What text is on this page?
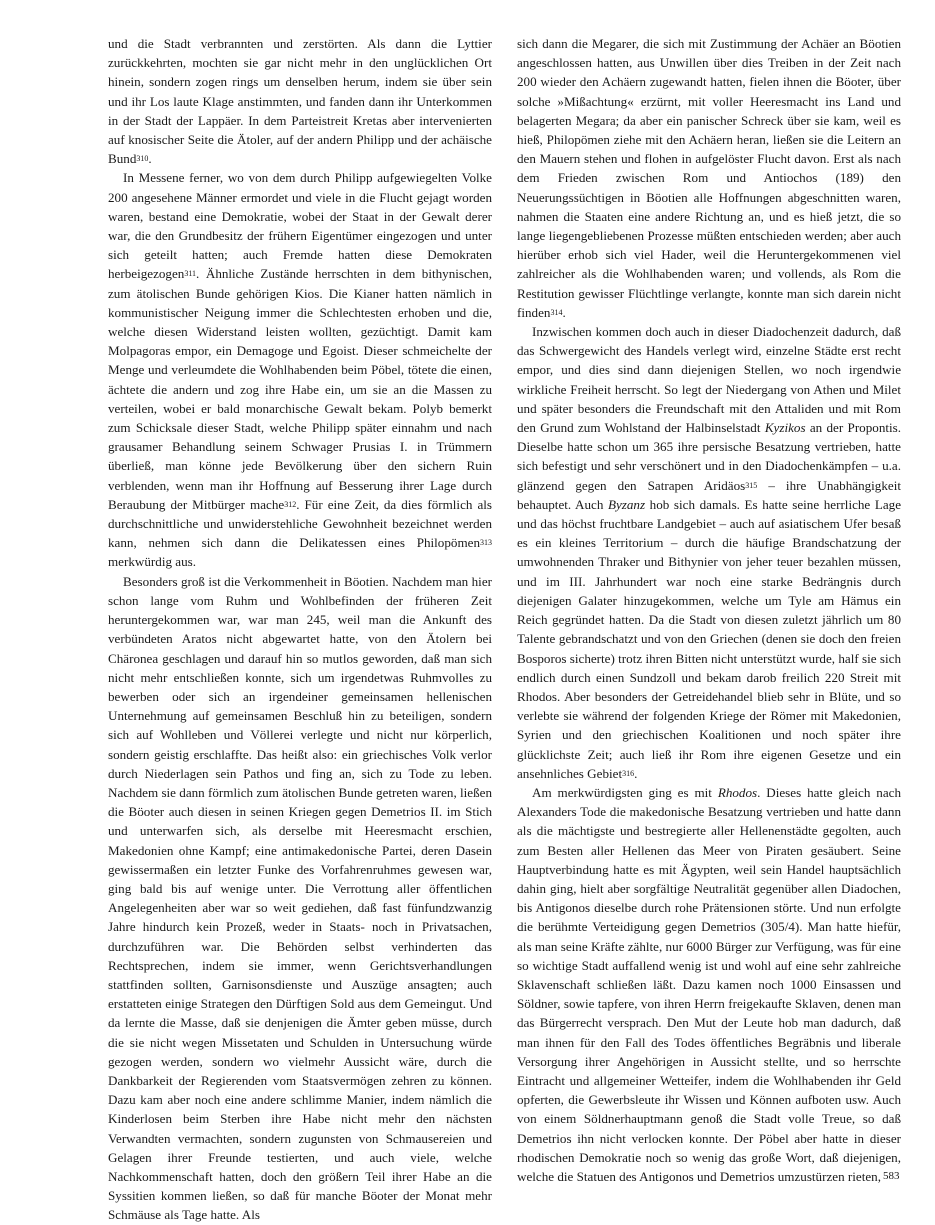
und die Stadt verbrannten und zerstörten. Als dann die Lyttier zurückkehrten, mochten sie gar nicht mehr in den unglücklichen Ort hinein, sondern zogen rings um denselben herum, indem sie über sein und ihr Los laute Klage anstimmten, und fanden dann ihr Unterkommen in der Stadt der Lappäer. In dem Parteistreit Kretas aber intervenierten auf knosischer Seite die Ätoler, auf der andern Philipp und der achäische Bund$^{310}$.

In Messene ferner, wo von dem durch Philipp aufgewiegelten Volke 200 angesehene Männer ermordet und viele in die Flucht gejagt worden waren, bestand eine Demokratie, wobei der Staat in der Gewalt derer war, die den Grundbesitz der frühern Eigentümer eingezogen und unter sich geteilt hatten; auch Fremde hatten diese Demokraten herbeigezogen$^{311}$. Ähnliche Zustände herrschten in dem bithynischen, zum ätolischen Bunde gehörigen Kios. Die Kianer hatten nämlich in kommunistischer Neigung immer die Schlechtesten erhoben und die, welche diesen Widerstand leisten wollten, gezüchtigt. Damit kam Molpagoras empor, ein Demagoge und Egoist. Dieser schmeichelte der Menge und verleumdete die Wohlhabenden beim Pöbel, tötete die einen, ächtete die andern und zog ihre Habe ein, um sie an die Massen zu verteilen, wobei er bald monarchische Gewalt bekam. Polyb bemerkt zum Schicksale dieser Stadt, welche Philipp später einnahm und nach grausamer Behandlung seinem Schwager Prusias I. in Trümmern überließ, man könne jede Bevölkerung über den sichern Ruin verblenden, wenn man ihr Hoffnung auf Besserung ihrer Lage durch Beraubung der Mitbürger mache$^{312}$. Für eine Zeit, da dies förmlich als durchschnittliche und unwiderstehliche Gewohnheit bezeichnet werden kann, nehmen sich dann die Delikatessen eines Philopömen$^{313}$ merkwürdig aus.

Besonders groß ist die Verkommenheit in Böotien. Nachdem man hier schon lange vom Ruhm und Wohlbefinden der früheren Zeit heruntergekommen war, war man 245, weil man die Ankunft des verbündeten Aratos nicht abgewartet hatte, von den Ätolern bei Chäronea geschlagen und darauf hin so mutlos geworden, daß man sich nicht mehr entschließen konnte, sich um irgendetwas Ruhmvolles zu bewerben oder sich an irgendeiner gemeinsamen hellenischen Unternehmung auf gemeinsamen Beschluß hin zu beteiligen, sondern sich auf Wohlleben und Völlerei verlegte und nicht nur körperlich, sondern geistig erschlaffte. Das heißt also: ein griechisches Volk verlor durch Niederlagen sein Pathos und fing an, sich zu Tode zu leben. Nachdem sie dann förmlich zum ätolischen Bunde getreten waren, ließen die Böoter auch diesen in seinen Kriegen gegen Demetrios II. im Stich und unterwarfen sich, als derselbe mit Heeresmacht erschien, Makedonien ohne Kampf; eine antimakedonische Partei, deren Dasein gewissermaßen ein letzter Funke des Vorfahrenruhmes gewesen war, ging bald bis auf wenige unter. Die Verrottung aller öffentlichen Angelegenheiten aber war so weit gediehen, daß fast fünfundzwanzig Jahre hindurch kein Prozeß, weder in Staats- noch in Privatsachen, durchzuführen war. Die Behörden selbst verhinderten das Rechtsprechen, indem sie immer, wenn Gerichtsverhandlungen stattfinden sollten, Garnisonsdienste und Auszüge ansagten; auch erstatteten einige Strategen den Dürftigen Sold aus dem Gemeingut. Und da lernte die Masse, daß sie denjenigen die Ämter geben müsse, durch die sie nicht wegen Missetaten und Schulden in Untersuchung würde gezogen werden, sondern wo vielmehr Aussicht wäre, durch die Dankbarkeit der Regierenden vom Staatsvermögen zehren zu können. Dazu kam aber noch eine andere schlimme Manier, indem nämlich die Kinderlosen beim Sterben ihre Habe nicht mehr den nächsten Verwandten vermachten, sondern zugunsten von Schmausereien und Gelagen ihrer Freunde testierten, und auch viele, welche Nachkommenschaft hatten, doch den größern Teil ihrer Habe an die Syssitien kommen ließen, so daß für manche Böoter der Monat mehr Schmäuse als Tage hatte. Als

sich dann die Megarer, die sich mit Zustimmung der Achäer an Böotien angeschlossen hatten, aus Unwillen über dies Treiben in der Zeit nach 200 wieder den Achäern zugewandt hatten, fielen ihnen die Böoter, über solche »Mißachtung« erzürnt, mit voller Heeresmacht ins Land und belagerten Megara; da aber ein panischer Schreck über sie kam, weil es hieß, Philopömen ziehe mit den Achäern heran, ließen sie die Leitern an den Mauern stehen und flohen in aufgelöster Flucht davon. Erst als nach dem Frieden zwischen Rom und Antiochos (189) den Neuerungssüchtigen in Böotien alle Hoffnungen abgeschnitten waren, nahmen die Staaten eine andere Richtung an, und es hieß jetzt, die so lange liegengebliebenen Prozesse müßten entschieden werden; aber auch hierüber erhob sich viel Hader, weil die Heruntergekommenen viel zahlreicher als die Wohlhabenden waren; und vollends, als Rom die Restitution gewisser Flüchtlinge verlangte, konnte man sich darein nicht finden$^{314}$.

Inzwischen kommen doch auch in dieser Diadochenzeit dadurch, daß das Schwergewicht des Handels verlegt wird, einzelne Städte erst recht empor, und dies sind dann diejenigen Stellen, wo noch irgendwie wirkliche Freiheit herrscht. So legt der Niedergang von Athen und Milet und später besonders die Freundschaft mit den Attaliden und mit Rom den Grund zum Wohlstand der Halbinselstadt Kyzikos an der Propontis. Dieselbe hatte schon um 365 ihre persische Besatzung vertrieben, hatte sich befestigt und sehr verschönert und in den Diadochenkämpfen – u.a. glänzend gegen den Satrapen Aridäos$^{315}$ – ihre Unabhängigkeit behauptet. Auch Byzanz hob sich damals. Es hatte seine herrliche Lage und das höchst fruchtbare Landgebiet – auch auf asiatischem Ufer besaß es ein kleines Territorium – durch die häufige Brandschatzung der umwohnenden Thraker und Bithynier von jeher teuer bezahlen müssen, und im III. Jahrhundert war noch eine starke Bedrängnis durch diejenigen Galater hinzugekommen, welche um Tyle am Hämus ein Reich gegründet hatten. Da die Stadt von diesen zuletzt jährlich um 80 Talente gebrandschatzt und von den Griechen (denen sie doch den freien Bosporos sicherte) trotz ihren Bitten nicht unterstützt wurde, half sie sich endlich durch einen Sundzoll und bekam darob freilich 220 Streit mit Rhodos. Aber besonders der Getreidehandel blieb sehr in Blüte, und so verlebte sie während der folgenden Kriege der Römer mit Makedonien, Syrien und den griechischen Koalitionen und noch später ihre glücklichste Zeit; auch ließ ihr Rom ihre eigenen Gesetze und ein ansehnliches Gebiet$^{316}$.

Am merkwürdigsten ging es mit Rhodos. Dieses hatte gleich nach Alexanders Tode die makedonische Besatzung vertrieben und hatte dann als die mächtigste und bestregierte aller Hellenenstädte gegolten, auch zum Besten aller Hellenen das Meer von Piraten gesäubert. Seine Hauptverbindung hatte es mit Ägypten, weil sein Handel hauptsächlich dahin ging, hielt aber sorgfältige Neutralität gegenüber allen Diadochen, bis Antigonos dieselbe durch rohe Prätensionen störte. Und nun erfolgte die berühmte Verteidigung gegen Demetrios (305/4). Man hatte hiefür, als man seine Kräfte zählte, nur 6000 Bürger zur Verfügung, was für eine so wichtige Stadt auffallend wenig ist und wohl auf eine sehr zahlreiche Sklavenschaft schließen läßt. Dazu kamen noch 1000 Einsassen und Söldner, sowie tapfere, von ihren Herrn freigekaufte Sklaven, denen man das Bürgerrecht versprach. Den Mut der Leute hob man dadurch, daß man ihnen für den Fall des Todes öffentliches Begräbnis und liberale Versorgung ihrer Angehörigen in Aussicht stellte, und so herrschte Eintracht und allgemeiner Wetteifer, indem die Wohlhabenden ihr Geld opferten, die Gewerbsleute ihr Wissen und Können aufboten usw. Auch von einem Söldnerhauptmann genoß die Stadt volle Treue, so daß Demetrios ihn nicht verlocken konnte. Der Pöbel aber hatte in dieser rhodischen Demokratie noch so wenig das große Wort, daß diejenigen, welche die Statuen des Antigonos und Demetrios umzustürzen rieten, 583
